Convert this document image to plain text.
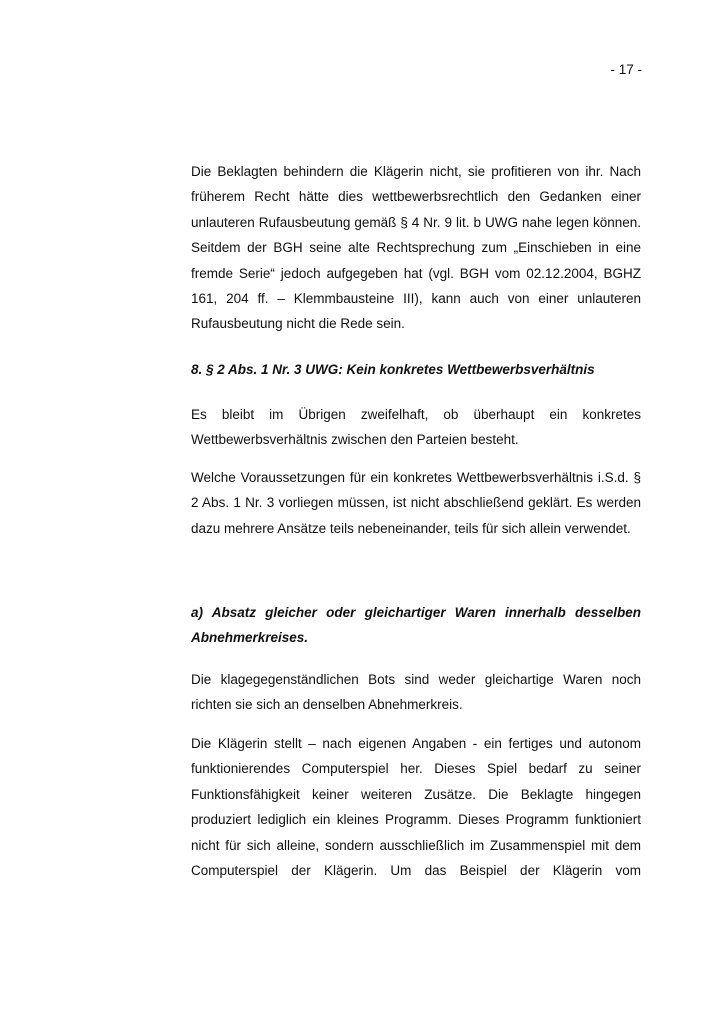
- 17 -

Die Beklagten behindern die Klägerin nicht, sie profitieren von ihr. Nach früherem Recht hätte dies wettbewerbsrechtlich den Gedanken einer unlauteren Rufausbeutung gemäß § 4 Nr. 9 lit. b UWG nahe legen können. Seitdem der BGH seine alte Rechtsprechung zum „Einschieben in eine fremde Serie“ jedoch aufgegeben hat (vgl. BGH vom 02.12.2004, BGHZ 161, 204 ff. – Klemmbausteine III), kann auch von einer unlauteren Rufausbeutung nicht die Rede sein.

8. § 2 Abs. 1 Nr. 3 UWG: Kein konkretes Wettbewerbsverhältnis

Es bleibt im Übrigen zweifelhaft, ob überhaupt ein konkretes Wettbewerbsverhältnis zwischen den Parteien besteht.

Welche Voraussetzungen für ein konkretes Wettbewerbsverhältnis i.S.d. § 2 Abs. 1 Nr. 3 vorliegen müssen, ist nicht abschließend geklärt. Es werden dazu mehrere Ansätze teils nebeneinander, teils für sich allein verwendet.

a) Absatz gleicher oder gleichartiger Waren innerhalb desselben Abnehmerkreises.

Die klagegegenständlichen Bots sind weder gleichartige Waren noch richten sie sich an denselben Abnehmerkreis.

Die Klägerin stellt – nach eigenen Angaben - ein fertiges und autonom funktionierendes Computerspiel her. Dieses Spiel bedarf zu seiner Funktionsfähigkeit keiner weiteren Zusätze. Die Beklagte hingegen produziert lediglich ein kleines Programm. Dieses Programm funktioniert nicht für sich alleine, sondern ausschließlich im Zusammenspiel mit dem Computerspiel der Klägerin. Um das Beispiel der Klägerin vom
